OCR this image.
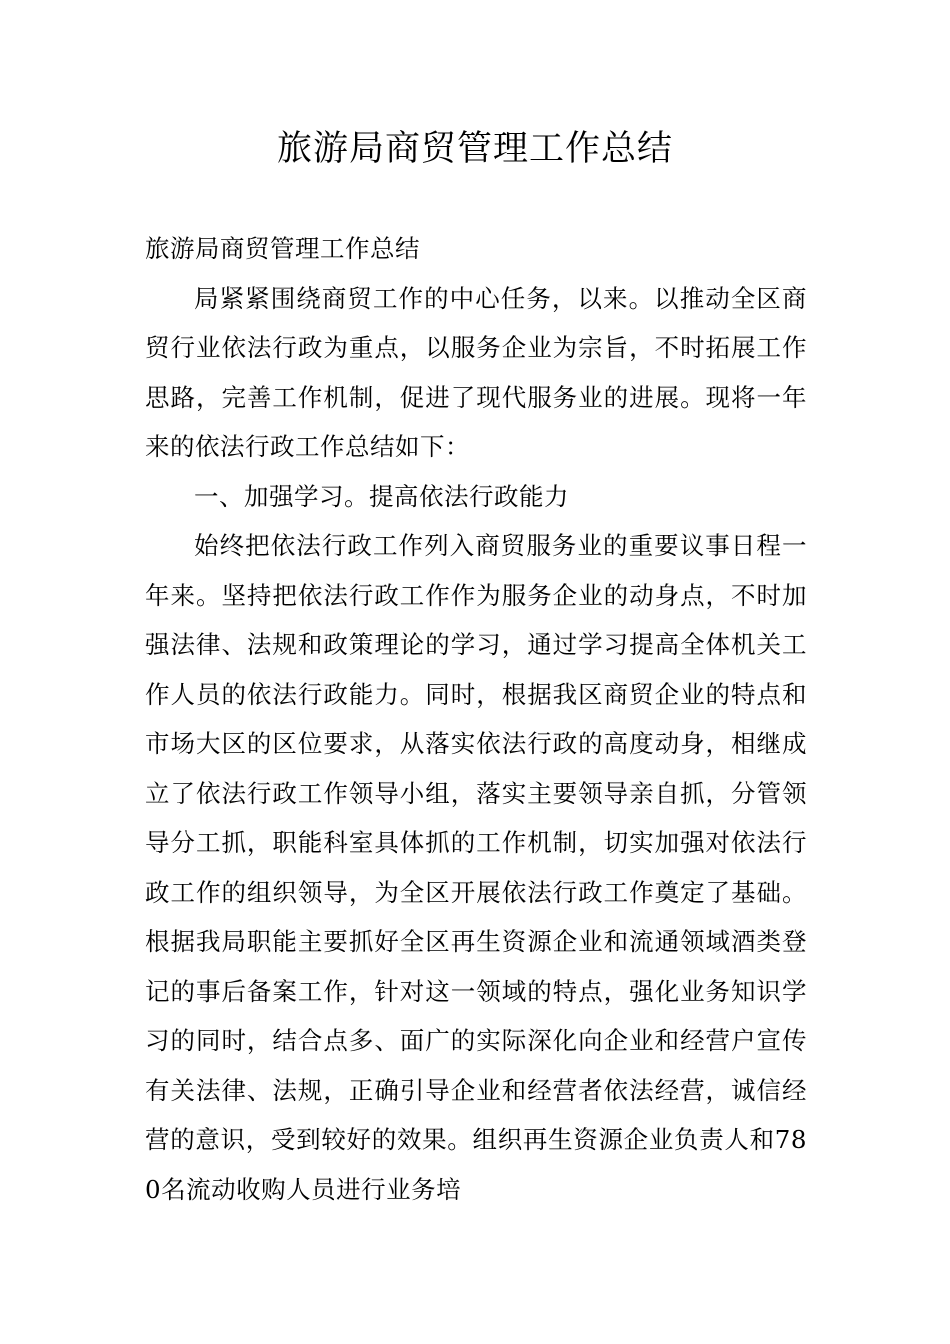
旅游局商贸管理工作总结

旅游局商贸管理工作总结

局紧紧围绕商贸工作的中心任务，以来。以推动全区商贸行业依法行政为重点，以服务企业为宗旨，不时拓展工作思路，完善工作机制，促进了现代服务业的进展。现将一年来的依法行政工作总结如下：

一、加强学习。提高依法行政能力

始终把依法行政工作列入商贸服务业的重要议事日程一年来。坚持把依法行政工作作为服务企业的动身点，不时加强法律、法规和政策理论的学习，通过学习提高全体机关工作人员的依法行政能力。同时，根据我区商贸企业的特点和市场大区的区位要求，从落实依法行政的高度动身，相继成立了依法行政工作领导小组，落实主要领导亲自抓，分管领导分工抓，职能科室具体抓的工作机制，切实加强对依法行政工作的组织领导，为全区开展依法行政工作奠定了基础。根据我局职能主要抓好全区再生资源企业和流通领域酒类登记的事后备案工作，针对这一领域的特点，强化业务知识学习的同时，结合点多、面广的实际深化向企业和经营户宣传有关法律、法规，正确引导企业和经营者依法经营，诚信经营的意识，受到较好的效果。组织再生资源企业负责人和780名流动收购人员进行业务培
